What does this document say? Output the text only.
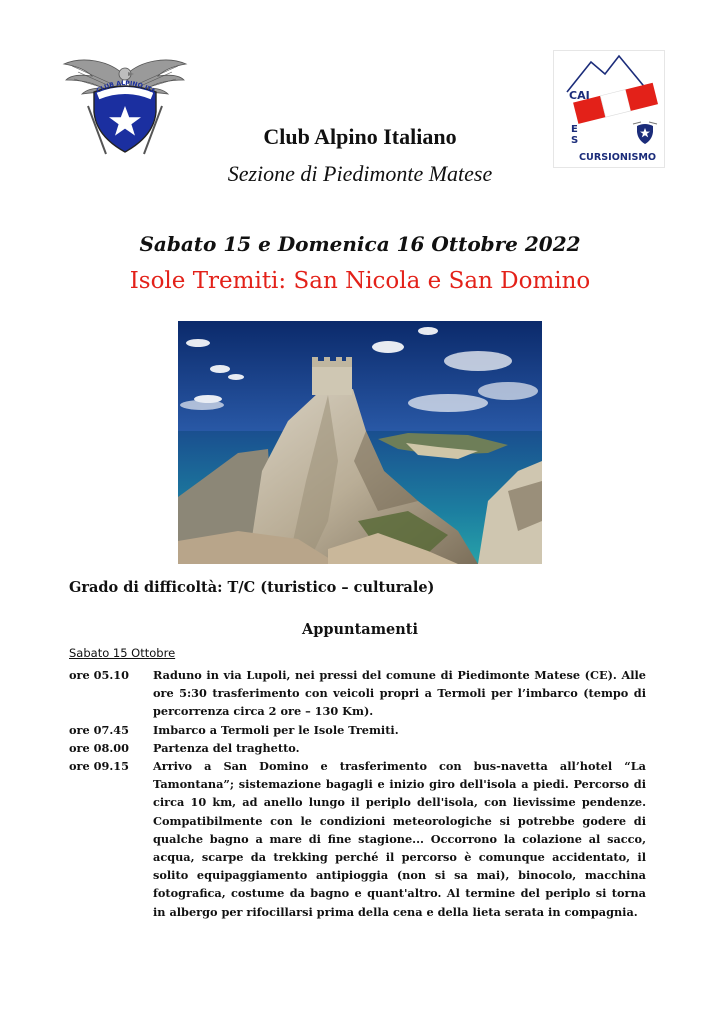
CLUB ALPINO ITA	CAI
E
S
CURSIONISMO
Club Alpino Italiano
Sezione di Piedimonte Matese
Sabato 15 e Domenica 16 Ottobre 2022
Isole Tremiti: San Nicola e San Domino
Grado di difficoltà: T/C (turistico – culturale)
Appuntamenti
Sabato 15 Ottobre
ore 05.10	Raduno in via Lupoli, nei pressi del comune di Piedimonte Matese (CE). Alle ore 5:30 trasferimento con veicoli propri a Termoli per l’imbarco (tempo di percorrenza circa 2 ore – 130 Km).
ore 07.45	Imbarco a Termoli per le Isole Tremiti.
ore 08.00	Partenza del traghetto.
ore 09.15	Arrivo a San Domino e trasferimento con bus-navetta all’hotel “La Tamontana”; sistemazione bagagli e inizio giro dell'isola a piedi. Percorso di circa 10 km, ad anello lungo il periplo dell'isola, con lievissime pendenze. Compatibilmente con le condizioni meteorologiche si potrebbe godere di qualche bagno a mare di fine stagione... Occorrono la colazione al sacco, acqua, scarpe da trekking perché il percorso è comunque accidentato, il solito equipaggiamento antipioggia (non si sa mai), binocolo, macchina fotografica, costume da bagno e quant'altro. Al termine del periplo si torna in albergo per rifocillarsi prima della cena e della lieta serata in compagnia.
